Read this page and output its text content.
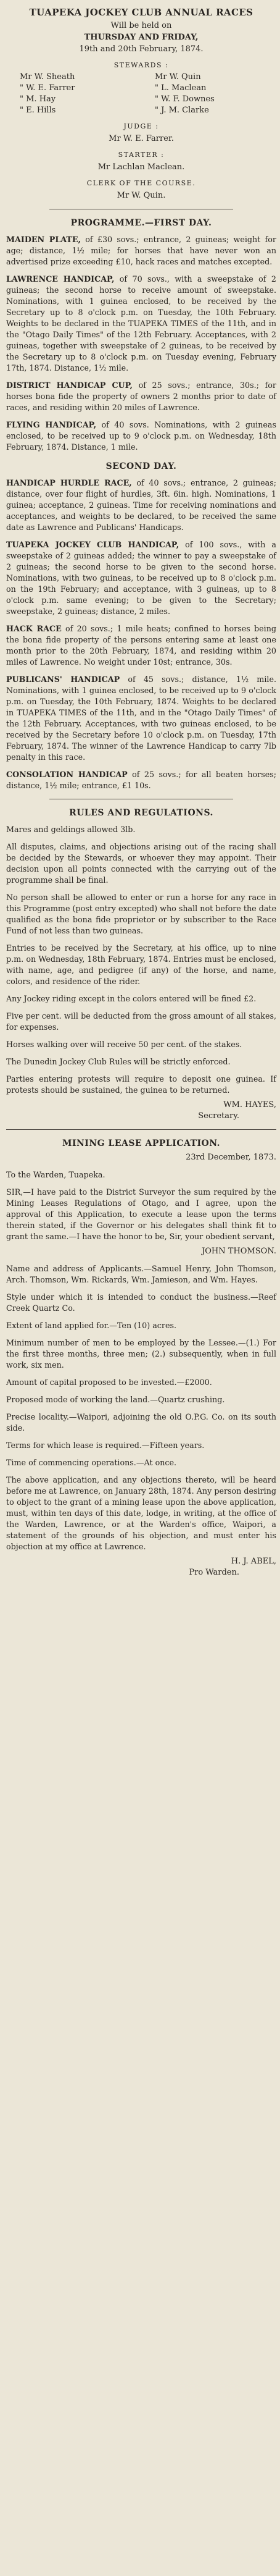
TUAPEKA JOCKEY CLUB ANNUAL RACES
Will be held on
THURSDAY AND FRIDAY,
19th and 20th February, 1874.
STEWARDS :
Mr W. Sheath	Mr W. Quin
" W. E. Farrer	" L. Maclean
" M. Hay	" W. F. Downes
" E. Hills	" J. M. Clarke
JUDGE :
Mr W. E. Farrer.
STARTER :
Mr Lachlan Maclean.
CLERK OF THE COURSE.
Mr W. Quin.
PROGRAMME.—FIRST DAY.
MAIDEN PLATE, of £30 sovs.; entrance, 2 guineas; weight for age; distance, 1½ mile; for horses that have never won an advertised prize exceeding £10, hack races and matches excepted.
LAWRENCE HANDICAP, of 70 sovs., with a sweepstake of 2 guineas; the second horse to receive amount of sweepstake. Nominations, with 1 guinea enclosed, to be received by the Secretary up to 8 o'clock p.m. on Tuesday, the 10th February. Weights to be declared in the TUAPEKA TIMES of the 11th, and in the "Otago Daily Times" of the 12th February. Acceptances, with 2 guineas, together with sweepstake of 2 guineas, to be received by the Secretary up to 8 o'clock p.m. on Tuesday evening, February 17th, 1874. Distance, 1½ mile.
DISTRICT HANDICAP CUP, of 25 sovs.; entrance, 30s.; for horses bona fide the property of owners 2 months prior to date of races, and residing within 20 miles of Lawrence.
FLYING HANDICAP, of 40 sovs. Nominations, with 2 guineas enclosed, to be received up to 9 o'clock p.m. on Wednesday, 18th February, 1874. Distance, 1 mile.
SECOND DAY.
HANDICAP HURDLE RACE, of 40 sovs.; entrance, 2 guineas; distance, over four flight of hurdles, 3ft. 6in. high. Nominations, 1 guinea; acceptance, 2 guineas. Time for receiving nominations and acceptances, and weights to be declared, to be received the same date as Lawrence and Publicans' Handicaps.
TUAPEKA JOCKEY CLUB HANDICAP, of 100 sovs., with a sweepstake of 2 guineas added; the winner to pay a sweepstake of 2 guineas; the second horse to be given to the second horse. Nominations, with two guineas, to be received up to 8 o'clock p.m. on the 19th February; and acceptance, with 3 guineas, up to 8 o'clock p.m. same evening; to be given to the Secretary; sweepstake, 2 guineas; distance, 2 miles.
HACK RACE of 20 sovs.; 1 mile heats; confined to horses being the bona fide property of the persons entering same at least one month prior to the 20th February, 1874, and residing within 20 miles of Lawrence. No weight under 10st; entrance, 30s.
PUBLICANS' HANDICAP of 45 sovs.; distance, 1½ mile. Nominations, with 1 guinea enclosed, to be received up to 9 o'clock p.m. on Tuesday, the 10th February, 1874. Weights to be declared in TUAPEKA TIMES of the 11th, and in the "Otago Daily Times" of the 12th February. Acceptances, with two guineas enclosed, to be received by the Secretary before 10 o'clock p.m. on Tuesday, 17th February, 1874. The winner of the Lawrence Handicap to carry 7lb penalty in this race.
CONSOLATION HANDICAP of 25 sovs.; for all beaten horses; distance, 1½ mile; entrance, £1 10s.
RULES AND REGULATIONS.
Mares and geldings allowed 3lb.
All disputes, claims, and objections arising out of the racing shall be decided by the Stewards, or whoever they may appoint. Their decision upon all points connected with the carrying out of the programme shall be final.
No person shall be allowed to enter or run a horse for any race in this Programme (post entry excepted) who shall not before the date qualified as the bona fide proprietor or by subscriber to the Race Fund of not less than two guineas.
Entries to be received by the Secretary, at his office, up to nine p.m. on Wednesday, 18th February, 1874. Entries must be enclosed, with name, age, and pedigree (if any) of the horse, and name, colors, and residence of the rider.
Any Jockey riding except in the colors entered will be fined £2.
Five per cent. will be deducted from the gross amount of all stakes, for expenses.
Horses walking over will receive 50 per cent. of the stakes.
The Dunedin Jockey Club Rules will be strictly enforced.
Parties entering protests will require to deposit one guinea. If protests should be sustained, the guinea to be returned.
WM. HAYES,
Secretary.
MINING LEASE APPLICATION.
23rd December, 1873.
To the Warden, Tuapeka.
SIR,—I have paid to the District Surveyor the sum required by the Mining Leases Regulations of Otago, and I agree, upon the approval of this Application, to execute a lease upon the terms therein stated, if the Governor or his delegates shall think fit to grant the same.—I have the honor to be, Sir, your obedient servant,
JOHN THOMSON.
Name and address of Applicants.—Samuel Henry, John Thomson, Arch. Thomson, Wm. Rickards, Wm. Jamieson, and Wm. Hayes.
Style under which it is intended to conduct the business.—Reef Creek Quartz Co.
Extent of land applied for.—Ten (10) acres.
Minimum number of men to be employed by the Lessee.—(1.) For the first three months, three men; (2.) subsequently, when in full work, six men.
Amount of capital proposed to be invested.—£2000.
Proposed mode of working the land.—Quartz crushing.
Precise locality.—Waipori, adjoining the old O.P.G. Co. on its south side.
Terms for which lease is required.—Fifteen years.
Time of commencing operations.—At once.
The above application, and any objections thereto, will be heard before me at Lawrence, on January 28th, 1874. Any person desiring to object to the grant of a mining lease upon the above application, must, within ten days of this date, lodge, in writing, at the office of the Warden, Lawrence, or at the Warden's office, Waipori, a statement of the grounds of his objection, and must enter his objection at my office at Lawrence.
H. J. ABEL,
Pro Warden.
